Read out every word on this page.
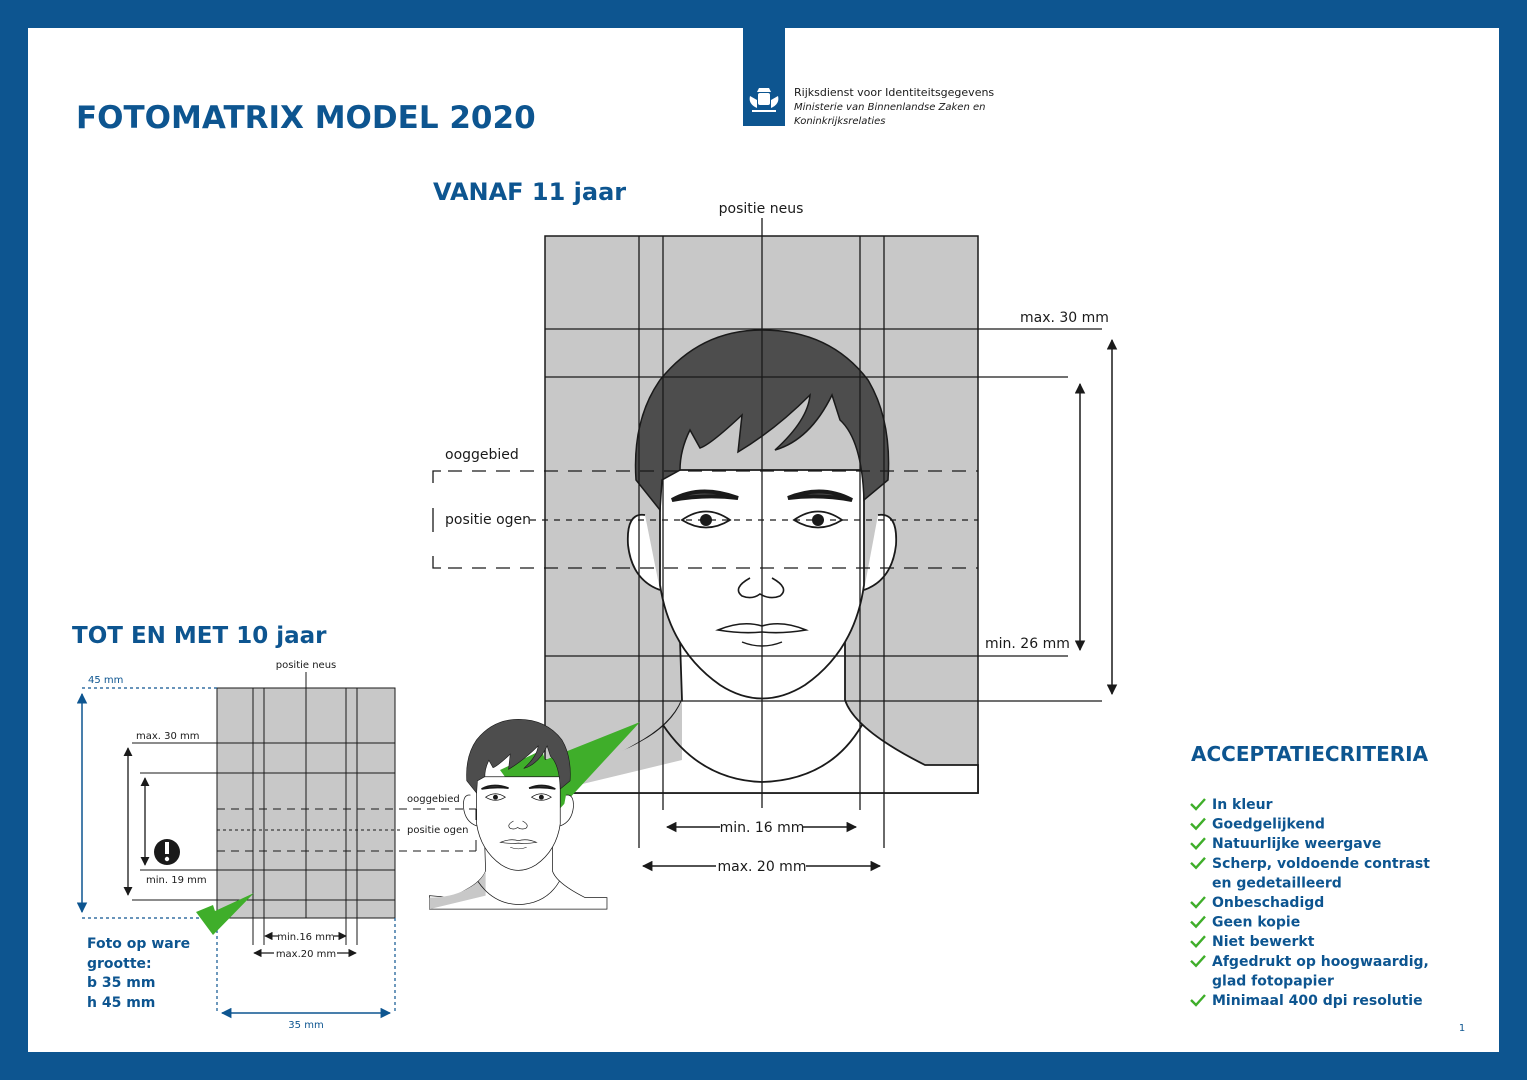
FOTOMATRIX MODEL 2020
Rijksdienst voor Identiteitsgegevens
Ministerie van Binnenlandse Zaken en
Koninkrijksrelaties
VANAF 11 jaar
positie neus
ooggebied
positie ogen
max. 30 mm
min. 26 mm
min. 16 mm
max. 20 mm
TOT EN MET 10 jaar
positie neus
ooggebied
positie ogen
45 mm
35 mm
max. 30 mm
min. 19 mm
min.16 mm
max.20 mm
Foto op ware
grootte:
b 35 mm
h 45 mm
ACCEPTATIECRITERIA
In kleur
Goedgelijkend
Natuurlijke weergave
Scherp, voldoende contrast
en gedetailleerd
Onbeschadigd
Geen kopie
Niet bewerkt
Afgedrukt op hoogwaardig,
glad fotopapier
Minimaal 400 dpi resolutie
1
